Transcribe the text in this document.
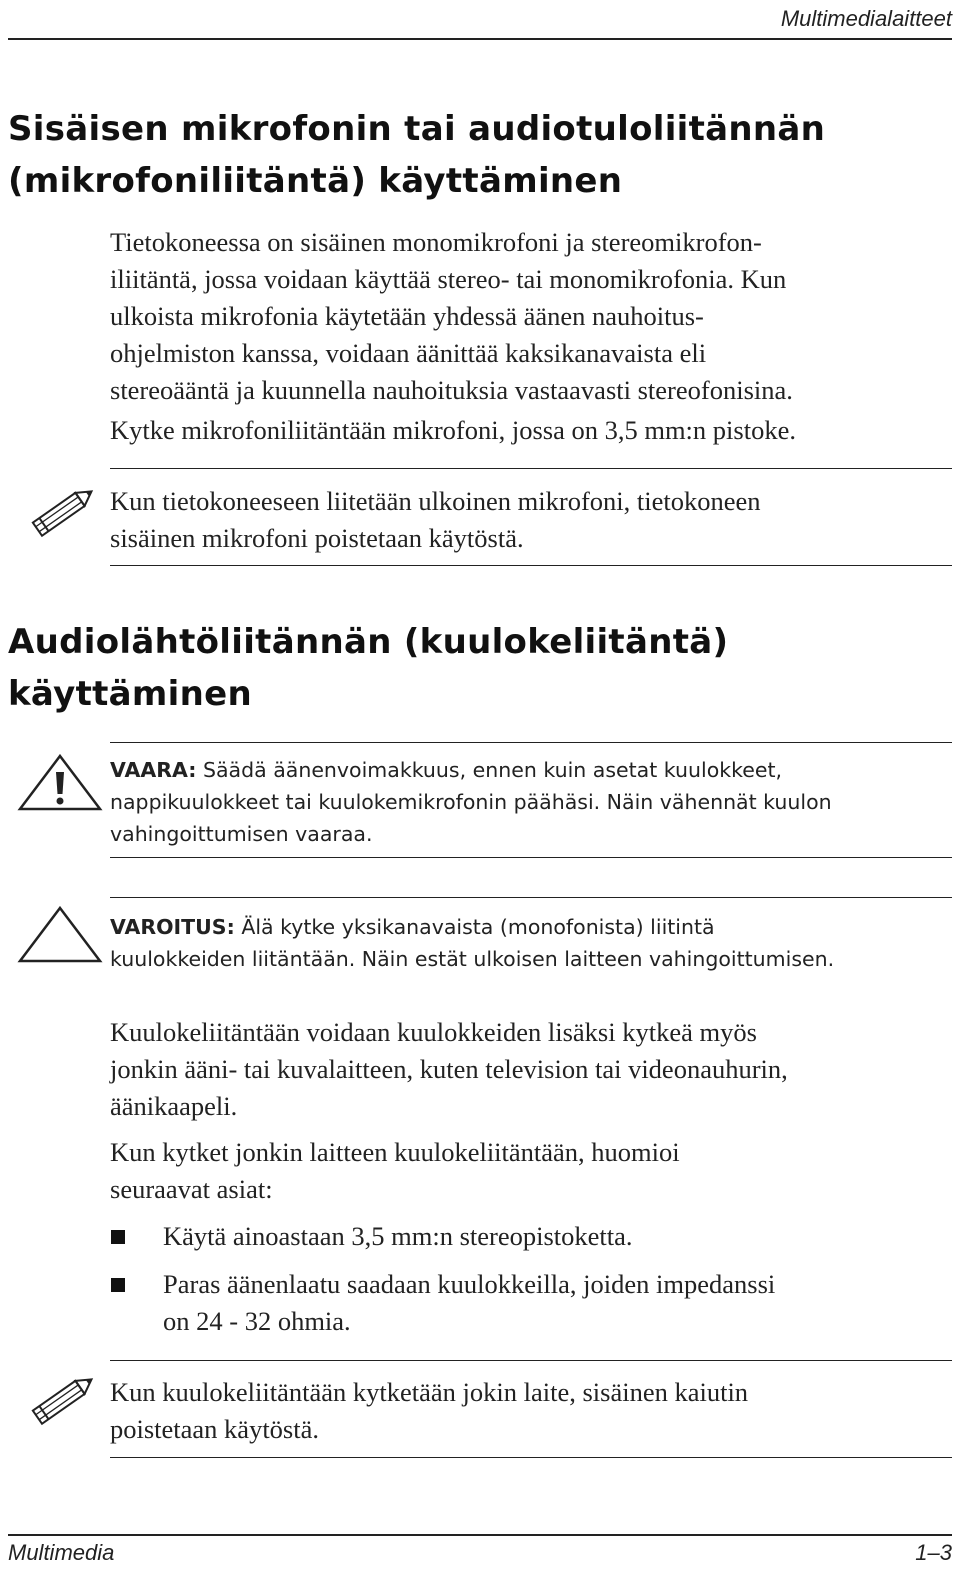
Multimedialaitteet
Sisäisen mikrofonin tai audiotuloliitännän
(mikrofoniliitäntä) käyttäminen
Tietokoneessa on sisäinen monomikrofoni ja stereomikrofon-
iliitäntä, jossa voidaan käyttää stereo- tai monomikrofonia. Kun
ulkoista mikrofonia käytetään yhdessä äänen nauhoitus-
ohjelmiston kanssa, voidaan äänittää kaksikanavaista eli
stereoääntä ja kuunnella nauhoituksia vastaavasti stereofonisina.
Kytke mikrofoniliitäntään mikrofoni, jossa on 3,5 mm:n pistoke.
Kun tietokoneeseen liitetään ulkoinen mikrofoni, tietokoneen
sisäinen mikrofoni poistetaan käytöstä.
Audiolähtöliitännän (kuulokeliitäntä)
käyttäminen
VAARA: Säädä äänenvoimakkuus, ennen kuin asetat kuulokkeet,
nappikuulokkeet tai kuulokemikrofonin päähäsi. Näin vähennät kuulon
vahingoittumisen vaaraa.
VAROITUS: Älä kytke yksikanavaista (monofonista) liitintä
kuulokkeiden liitäntään. Näin estät ulkoisen laitteen vahingoittumisen.
Kuulokeliitäntään voidaan kuulokkeiden lisäksi kytkeä myös
jonkin ääni- tai kuvalaitteen, kuten television tai videonauhurin,
äänikaapeli.
Kun kytket jonkin laitteen kuulokeliitäntään, huomioi
seuraavat asiat:
Käytä ainoastaan 3,5 mm:n stereopistoketta.
Paras äänenlaatu saadaan kuulokkeilla, joiden impedanssi
on 24 - 32 ohmia.
Kun kuulokeliitäntään kytketään jokin laite, sisäinen kaiutin
poistetaan käytöstä.
Multimedia	1–3
